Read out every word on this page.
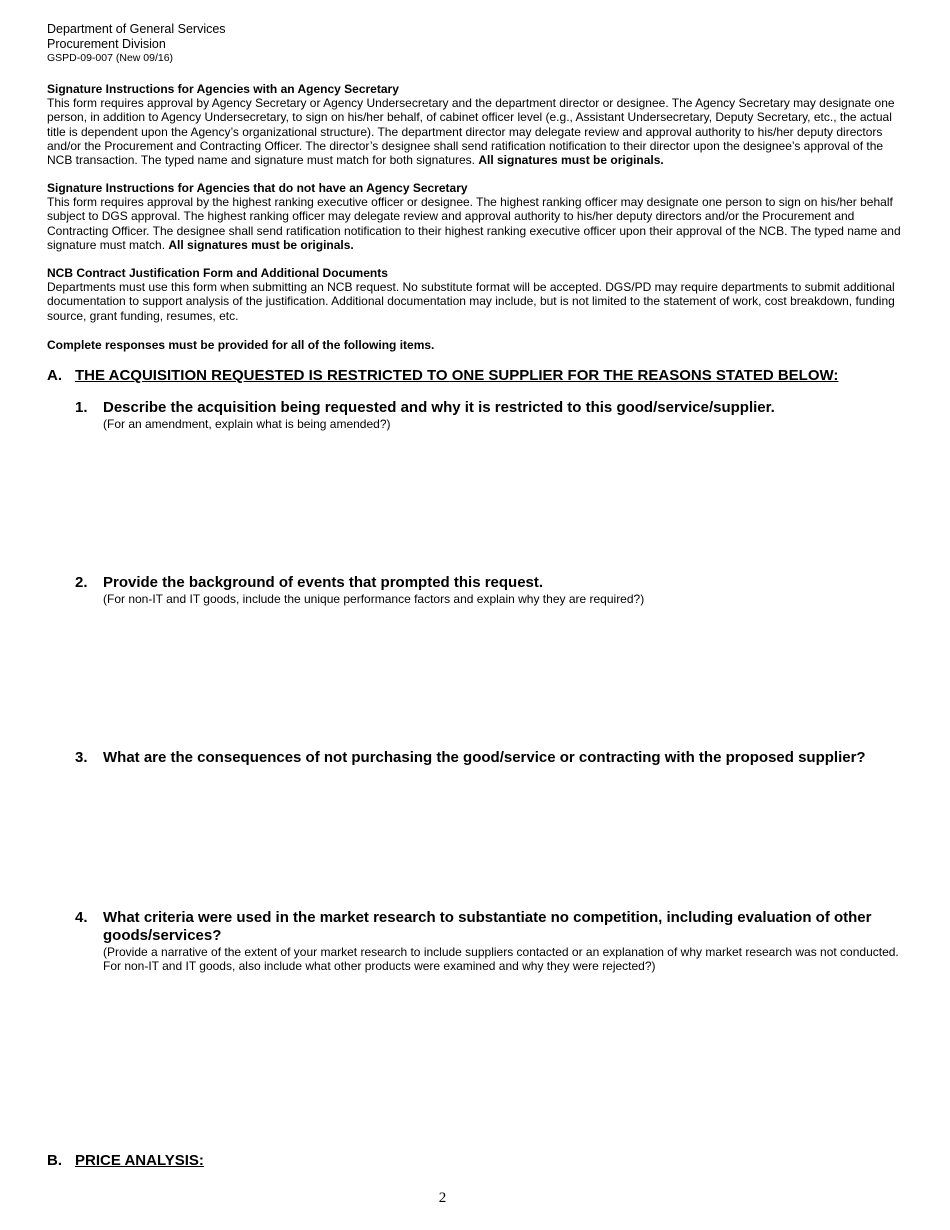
Department of General Services
Procurement Division
GSPD-09-007 (New 09/16)
Signature Instructions for Agencies with an Agency Secretary
This form requires approval by Agency Secretary or Agency Undersecretary and the department director or designee. The Agency Secretary may designate one person, in addition to Agency Undersecretary, to sign on his/her behalf, of cabinet officer level (e.g., Assistant Undersecretary, Deputy Secretary, etc., the actual title is dependent upon the Agency’s organizational structure). The department director may delegate review and approval authority to his/her deputy directors and/or the Procurement and Contracting Officer. The director’s designee shall send ratification notification to their director upon the designee’s approval of the NCB transaction. The typed name and signature must match for both signatures. All signatures must be originals.
Signature Instructions for Agencies that do not have an Agency Secretary
This form requires approval by the highest ranking executive officer or designee. The highest ranking officer may designate one person to sign on his/her behalf subject to DGS approval. The highest ranking officer may delegate review and approval authority to his/her deputy directors and/or the Procurement and Contracting Officer. The designee shall send ratification notification to their highest ranking executive officer upon their approval of the NCB. The typed name and signature must match. All signatures must be originals.
NCB Contract Justification Form and Additional Documents
Departments must use this form when submitting an NCB request. No substitute format will be accepted. DGS/PD may require departments to submit additional documentation to support analysis of the justification. Additional documentation may include, but is not limited to the statement of work, cost breakdown, funding source, grant funding, resumes, etc.
Complete responses must be provided for all of the following items.
A. THE ACQUISITION REQUESTED IS RESTRICTED TO ONE SUPPLIER FOR THE REASONS STATED BELOW:
1. Describe the acquisition being requested and why it is restricted to this good/service/supplier.
(For an amendment, explain what is being amended?)
2. Provide the background of events that prompted this request.
(For non-IT and IT goods, include the unique performance factors and explain why they are required?)
3. What are the consequences of not purchasing the good/service or contracting with the proposed supplier?
4. What criteria were used in the market research to substantiate no competition, including evaluation of other goods/services?
(Provide a narrative of the extent of your market research to include suppliers contacted or an explanation of why market research was not conducted. For non-IT and IT goods, also include what other products were examined and why they were rejected?)
B. PRICE ANALYSIS:
2
